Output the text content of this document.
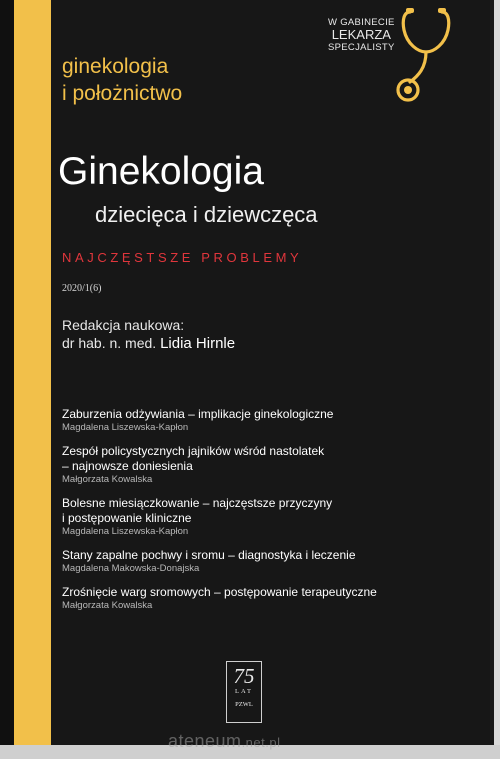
ginekologia
i położnictwo
W GABINECIE
LEKARZA
SPECJALISTY
Ginekologia
dziecięca i dziewczęca
NAJCZĘSTSZE PROBLEMY
2020/1(6)
Redakcja naukowa:
dr hab. n. med. Lidia Hirnle
Zaburzenia odżywiania – implikacje ginekologiczne
Magdalena Liszewska-Kapłon
Zespół policystycznych jajników wśród nastolatek
– najnowsze doniesienia
Małgorzata Kowalska
Bolesne miesiączkowanie – najczęstsze przyczyny
i postępowanie kliniczne
Magdalena Liszewska-Kapłon
Stany zapalne pochwy i sromu – diagnostyka i leczenie
Magdalena Makowska-Donajska
Zrośnięcie warg sromowych – postępowanie terapeutyczne
Małgorzata Kowalska
75
LAT
PZWL
ateneum.net.pl
